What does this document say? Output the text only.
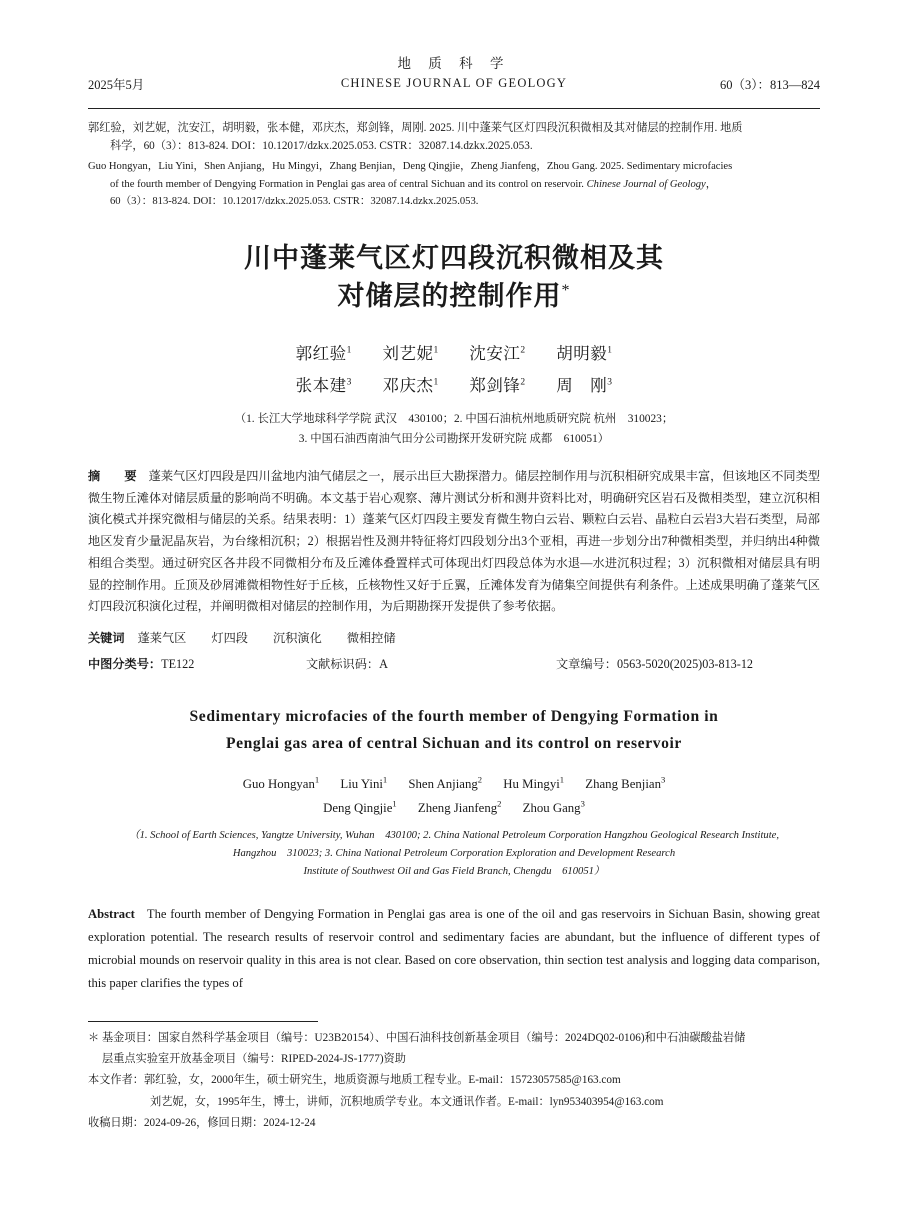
地 质 科 学
CHINESE JOURNAL OF GEOLOGY
2025年5月	60（3）：813—824
郭红验，刘艺妮，沈安江，胡明毅，张本健，邓庆杰，郑剑锋，周刚. 2025. 川中蓬莱气区灯四段沉积微相及其对储层的控制作用. 地质
科学，60（3）：813-824. DOI：10.12017/dzkx.2025.053. CSTR：32087.14.dzkx.2025.053.
Guo Hongyan，Liu Yini，Shen Anjiang，Hu Mingyi，Zhang Benjian，Deng Qingjie，Zheng Jianfeng，Zhou Gang. 2025. Sedimentary microfacies
of the fourth member of Dengying Formation in Penglai gas area of central Sichuan and its control on reservoir. Chinese Journal of Geology，
60（3）：813-824. DOI：10.12017/dzkx.2025.053. CSTR：32087.14.dzkx.2025.053.
川中蓬莱气区灯四段沉积微相及其
对储层的控制作用*
郭红验$^1$ 刘艺妮$^1$ 沈安江$^2$ 胡明毅$^1$
张本建$^3$ 邓庆杰$^1$ 郑剑锋$^2$ 周　刚$^3$
（1. 长江大学地球科学学院 武汉　430100；2. 中国石油杭州地质研究院 杭州　310023；
3. 中国石油西南油气田分公司勘探开发研究院 成都　610051）
摘　要 蓬莱气区灯四段是四川盆地内油气储层之一，展示出巨大勘探潜力。储层控制作用与沉积相研究成果丰富，但该地区不同类型微生物丘滩体对储层质量的影响尚不明确。本文基于岩心观察、薄片测试分析和测井资料比对，明确研究区岩石及微相类型，建立沉积相演化模式并探究微相与储层的关系。结果表明：1）蓬莱气区灯四段主要发育微生物白云岩、颗粒白云岩、晶粒白云岩3大岩石类型，局部地区发育少量泥晶灰岩，为台缘相沉积；2）根据岩性及测井特征将灯四段划分出3个亚相，再进一步划分出7种微相类型，并归纳出4种微相组合类型。通过研究区各井段不同微相分布及丘滩体叠置样式可体现出灯四段总体为水退—水进沉积过程；3）沉积微相对储层具有明显的控制作用。丘顶及砂屑滩微相物性好于丘核，丘核物性又好于丘翼，丘滩体发育为储集空间提供有利条件。上述成果明确了蓬莱气区灯四段沉积演化过程，并阐明微相对储层的控制作用，为后期勘探开发提供了参考依据。
关键词 蓬莱气区 灯四段 沉积演化 微相控储
中图分类号：TE122	文献标识码：A	文章编号：0563-5020(2025)03-813-12
Sedimentary microfacies of the fourth member of Dengying Formation in
Penglai gas area of central Sichuan and its control on reservoir
Guo Hongyan$^1$ Liu Yini$^1$ Shen Anjiang$^2$ Hu Mingyi$^1$ Zhang Benjian$^3$
Deng Qingjie$^1$ Zheng Jianfeng$^2$ Zhou Gang$^3$
（1. School of Earth Sciences, Yangtze University, Wuhan　430100; 2. China National Petroleum Corporation Hangzhou Geological Research Institute,
Hangzhou　310023; 3. China National Petroleum Corporation Exploration and Development Research
Institute of Southwest Oil and Gas Field Branch, Chengdu　610051）
Abstract The fourth member of Dengying Formation in Penglai gas area is one of the oil and gas reservoirs in Sichuan Basin, showing great exploration potential. The research results of reservoir control and sedimentary facies are abundant, but the influence of different types of microbial mounds on reservoir quality in this area is not clear. Based on core observation, thin section test analysis and logging data comparison, this paper clarifies the types of

＊ 基金项目：国家自然科学基金项目（编号：U23B20154）、中国石油科技创新基金项目（编号：2024DQ02-0106)和中石油碳酸盐岩储

层重点实验室开放基金项目（编号：RIPED-2024-JS-1777)资助

本文作者：郭红验，女，2000年生，硕士研究生，地质资源与地质工程专业。E-mail：15723057585@163.com

刘艺妮，女，1995年生，博士，讲师，沉积地质学专业。本文通讯作者。E-mail：lyn953403954@163.com

收稿日期：2024-09-26，修回日期：2024-12-24
